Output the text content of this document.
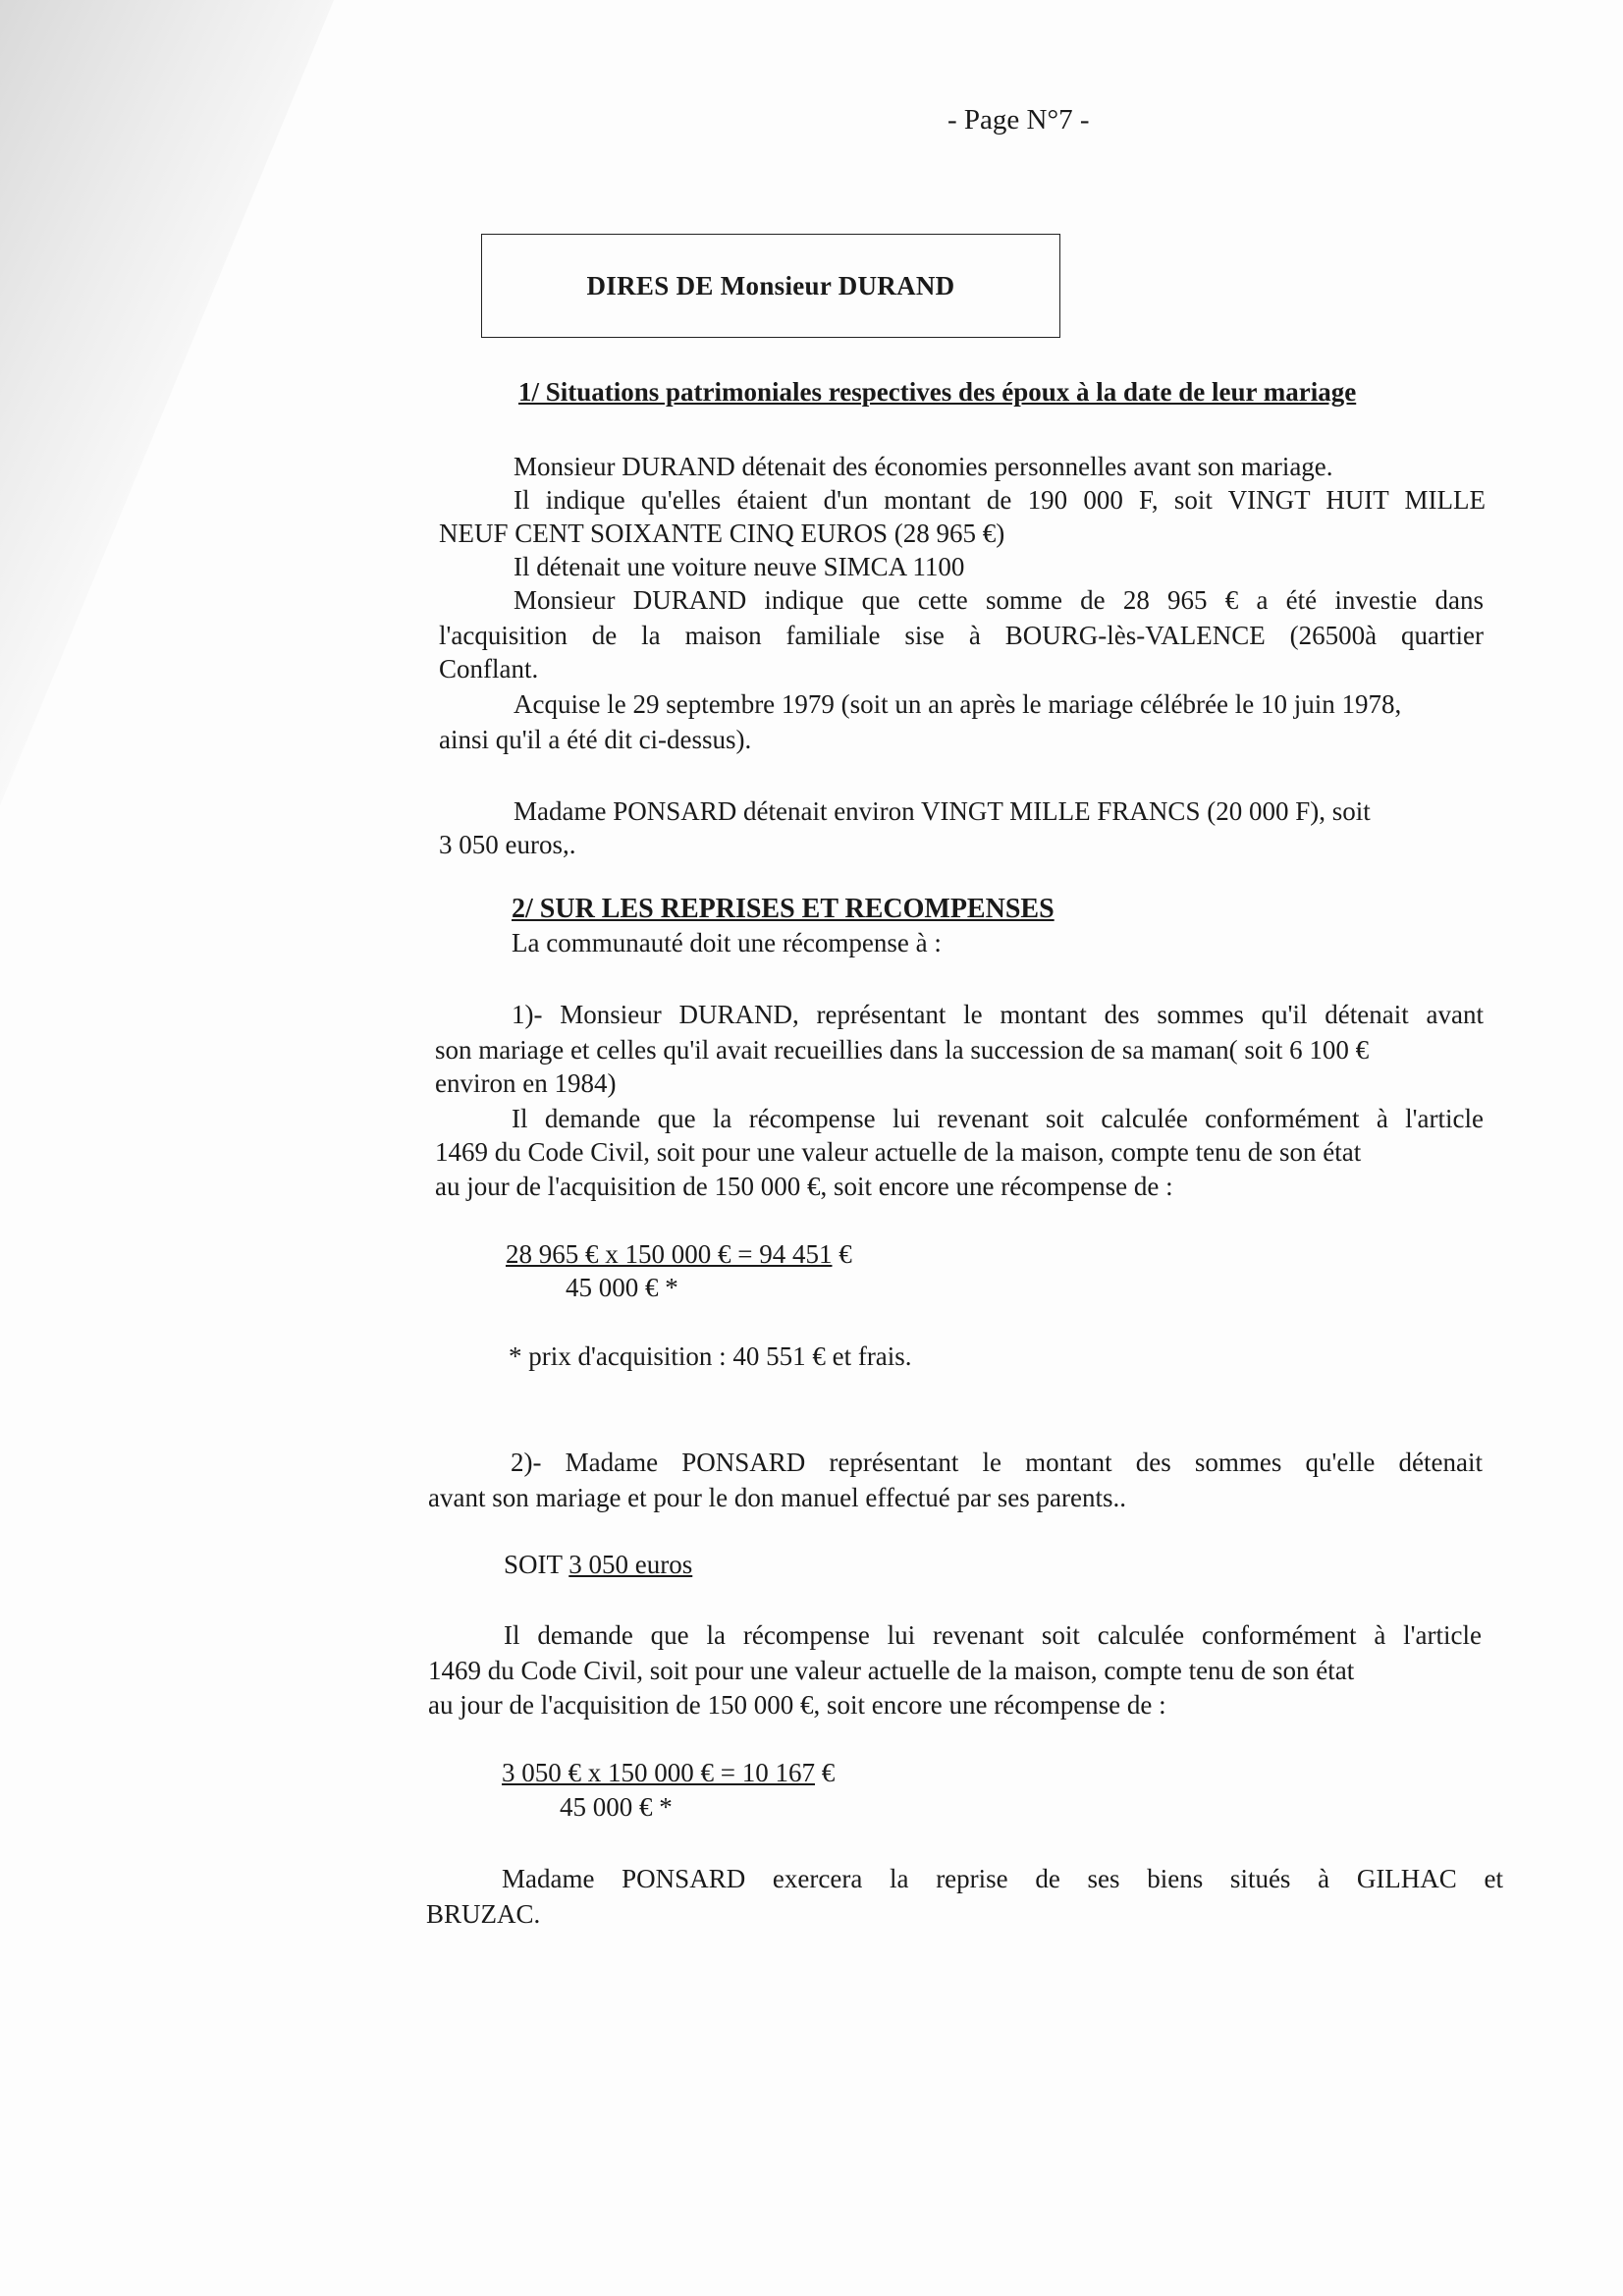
- Page N°7 -
DIRES DE Monsieur DURAND
1/ Situations patrimoniales respectives des époux à la date de leur mariage
Monsieur DURAND détenait des économies personnelles avant son mariage.
Il indique qu'elles étaient d'un montant de 190 000 F, soit VINGT HUIT MILLE
NEUF CENT SOIXANTE CINQ EUROS (28 965 €)
Il détenait une voiture neuve SIMCA 1100
Monsieur DURAND indique que cette somme de 28 965 € a été investie dans
l'acquisition de la maison familiale sise à BOURG-lès-VALENCE (26500à quartier
Conflant.
Acquise le 29 septembre 1979 (soit un an après le mariage célébrée le 10 juin 1978,
ainsi qu'il a été dit ci-dessus).
Madame PONSARD détenait environ VINGT MILLE FRANCS (20 000 F), soit
3 050 euros,.
2/ SUR LES REPRISES ET RECOMPENSES
La communauté doit une récompense à :
1)- Monsieur DURAND, représentant le montant des sommes qu'il détenait avant
son mariage et celles qu'il avait recueillies dans la succession de sa maman( soit 6 100 €
environ en 1984)
Il demande que la récompense lui revenant soit calculée conformément à l'article
1469 du Code Civil, soit pour une valeur actuelle de la maison, compte tenu de son état
au jour de l'acquisition de 150 000 €, soit encore une récompense de :
28 965 € x 150 000 € = 94 451 €
45 000 € *
* prix d'acquisition : 40 551 € et frais.
2)- Madame PONSARD représentant le montant des sommes qu'elle détenait
avant son mariage et pour le don manuel effectué par ses parents..
SOIT 3 050 euros
Il demande que la récompense lui revenant soit calculée conformément à l'article
1469 du Code Civil, soit pour une valeur actuelle de la maison, compte tenu de son état
au jour de l'acquisition de 150 000 €, soit encore une récompense de :
3 050 € x 150 000 € = 10 167 €
45 000 € *
Madame PONSARD exercera la reprise de ses biens situés à GILHAC et
BRUZAC.
